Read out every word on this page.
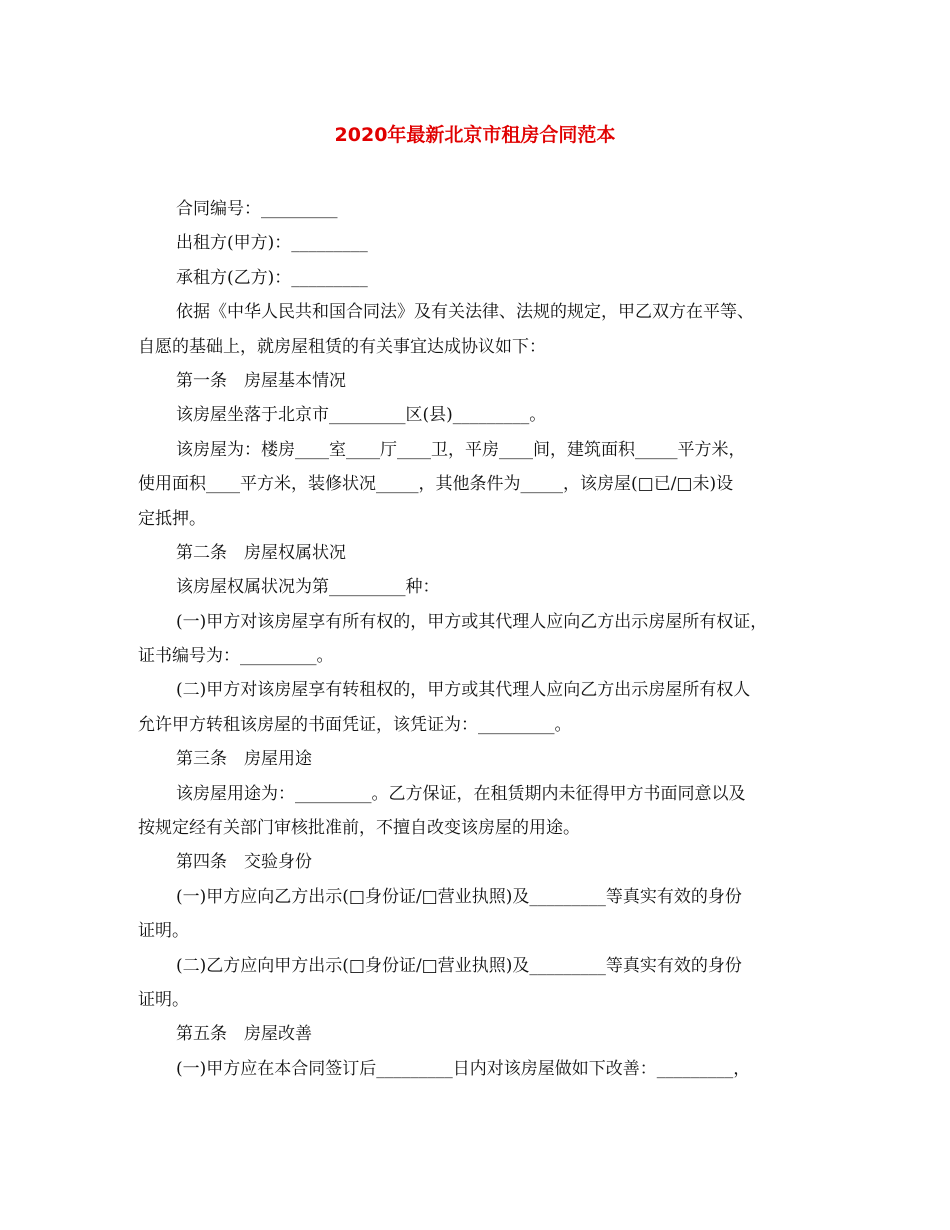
2020年最新北京市租房合同范本
合同编号：_________
出租方(甲方)：_________
承租方(乙方)：_________
依据《中华人民共和国合同法》及有关法律、法规的规定，甲乙双方在平等、
自愿的基础上，就房屋租赁的有关事宜达成协议如下：
第一条　房屋基本情况
该房屋坐落于北京市_________区(县)_________。
该房屋为：楼房____室____厅____卫，平房____间，建筑面积_____平方米，
使用面积____平方米，装修状况_____，其他条件为_____，该房屋(□已/□未)设
定抵押。
第二条　房屋权属状况
该房屋权属状况为第_________种：
(一)甲方对该房屋享有所有权的，甲方或其代理人应向乙方出示房屋所有权证，
证书编号为：_________。
(二)甲方对该房屋享有转租权的，甲方或其代理人应向乙方出示房屋所有权人
允许甲方转租该房屋的书面凭证，该凭证为：_________。
第三条　房屋用途
该房屋用途为：_________。乙方保证，在租赁期内未征得甲方书面同意以及
按规定经有关部门审核批准前，不擅自改变该房屋的用途。
第四条　交验身份
(一)甲方应向乙方出示(□身份证/□营业执照)及_________等真实有效的身份
证明。
(二)乙方应向甲方出示(□身份证/□营业执照)及_________等真实有效的身份
证明。
第五条　房屋改善
(一)甲方应在本合同签订后_________日内对该房屋做如下改善：_________，
